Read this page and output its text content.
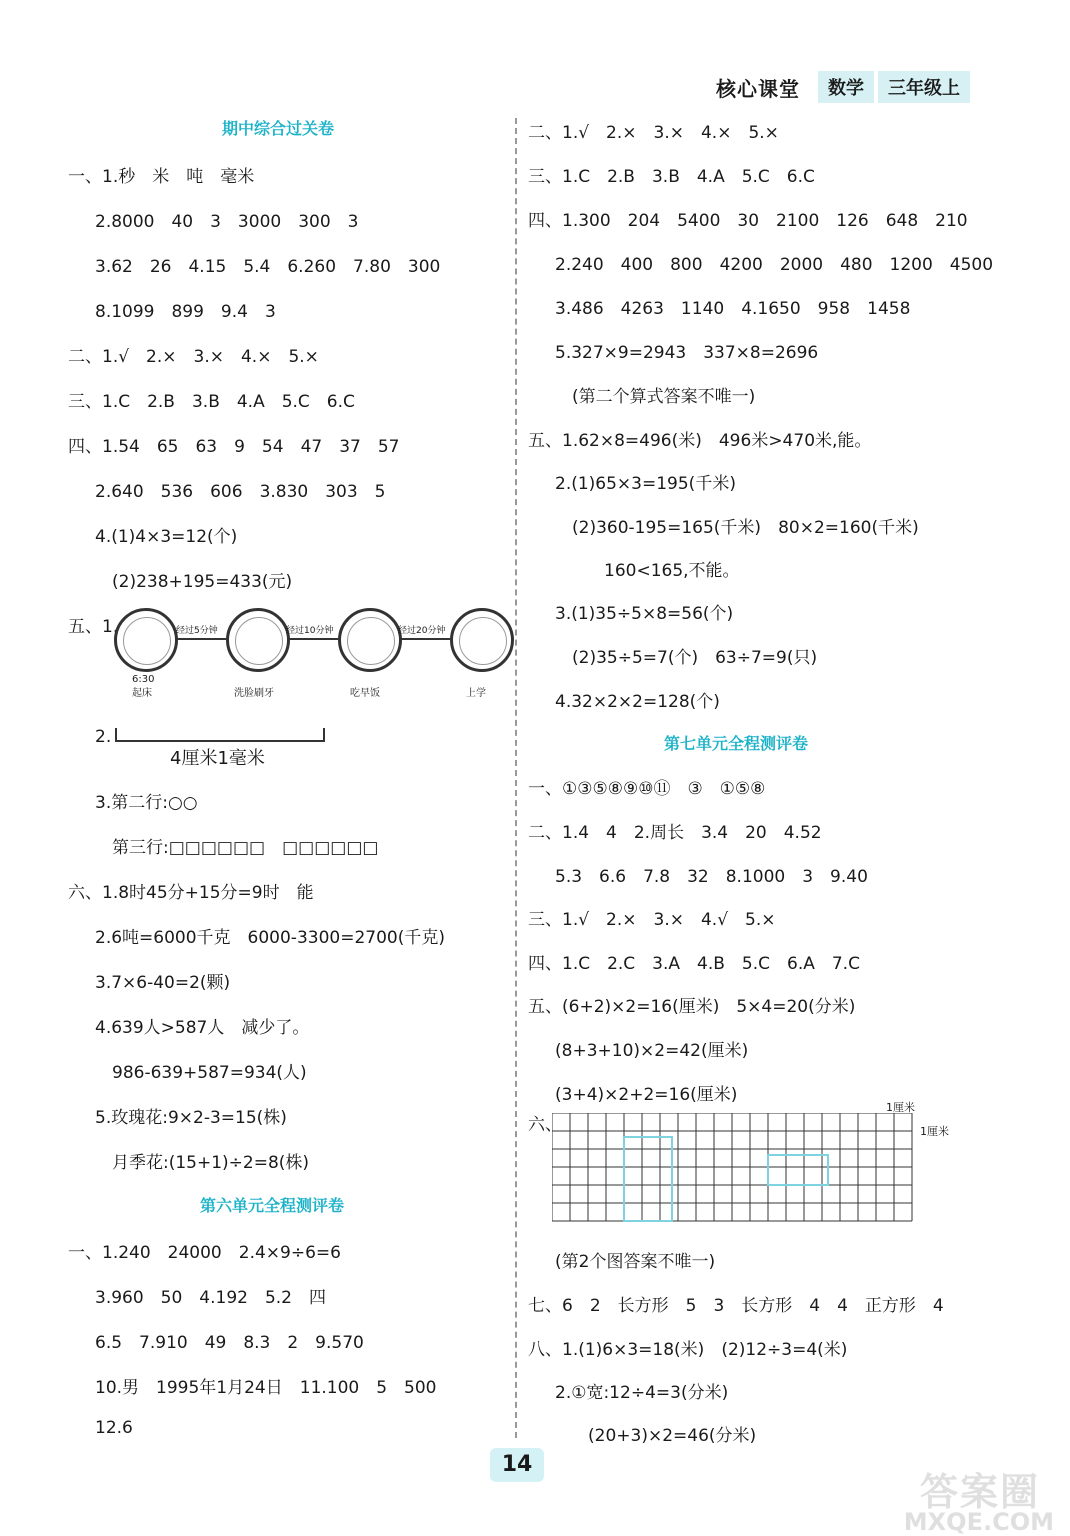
核心课堂	数学	三年级上
期中综合过关卷
一、1.秒　米　吨　毫米
2.8000　40　3　3000　300　3
3.62　26　4.15　5.4　6.260　7.80　300
8.1099　899　9.4　3
二、1.√　2.×　3.×　4.×　5.×
三、1.C　2.B　3.B　4.A　5.C　6.C
四、1.54　65　63　9　54　47　37　57
2.640　536　606　3.830　303　5
4.(1)4×3=12(个)
(2)238+195=433(元)
五、1.	经过5分钟	经过10分钟	经过20分钟
6:30
起床	洗脸刷牙	吃早饭	上学
2.
4厘米1毫米
3.第二行:○○
第三行:□□□□□□　□□□□□□
六、1.8时45分+15分=9时　能
2.6吨=6000千克　6000-3300=2700(千克)
3.7×6-40=2(颗)
4.639人>587人　减少了。
986-639+587=934(人)
5.玫瑰花:9×2-3=15(株)
月季花:(15+1)÷2=8(株)
第六单元全程测评卷
一、1.240　24000　2.4×9÷6=6
3.960　50　4.192　5.2　四
6.5　7.910　49　8.3　2　9.570
10.男　1995年1月24日　11.100　5　500
12.6
二、1.√　2.×　3.×　4.×　5.×
三、1.C　2.B　3.B　4.A　5.C　6.C
四、1.300　204　5400　30　2100　126　648　210
2.240　400　800　4200　2000　480　1200　4500
3.486　4263　1140　4.1650　958　1458
5.327×9=2943　337×8=2696
(第二个算式答案不唯一)
五、1.62×8=496(米)　496米>470米,能。
2.(1)65×3=195(千米)
(2)360-195=165(千米)　80×2=160(千米)
160<165,不能。
3.(1)35÷5×8=56(个)
(2)35÷5=7(个)　63÷7=9(只)
4.32×2×2=128(个)
第七单元全程测评卷
一、①③⑤⑧⑨⑩⑪　③　①⑤⑧
二、1.4　4　2.周长　3.4　20　4.52
5.3　6.6　7.8　32　8.1000　3　9.40
三、1.√　2.×　3.×　4.√　5.×
四、1.C　2.C　3.A　4.B　5.C　6.A　7.C
五、(6+2)×2=16(厘米)　5×4=20(分米)
(8+3+10)×2=42(厘米)
(3+4)×2+2=16(厘米)
六、
1厘米
1厘米
(第2个图答案不唯一)
七、6　2　长方形　5　3　长方形　4　4　正方形　4
八、1.(1)6×3=18(米)　(2)12÷3=4(米)
2.①宽:12÷4=3(分米)
(20+3)×2=46(分米)
14
答案圈
MXQE.COM
